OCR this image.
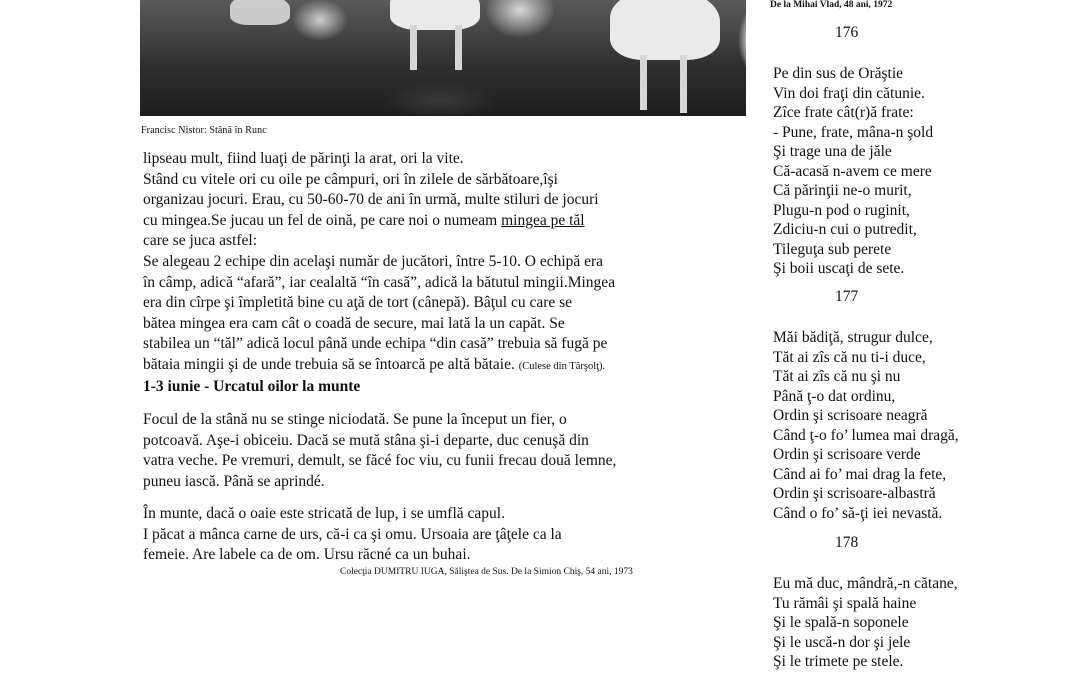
Francisc Nistor: Stână în Runc
De la Mihai Vlad, 48 ani, 1972
lipseau mult, fiind luaţi de părinţi la arat, ori la vite.
Stând cu vitele ori cu oile pe câmpuri, ori în zilele de sărbătoare,îşi
organizau jocuri. Erau, cu 50-60-70 de ani în urmă, multe stiluri de jocuri
cu mingea.Se jucau un fel de oină, pe care noi o numeam mingea pe tăl
care se juca astfel:
Se alegeau 2 echipe din acelaşi număr de jucători, între 5-10. O echipă era
în câmp, adică “afară”, iar cealaltă “în casă”, adică la bătutul mingii.Mingea
era din cîrpe şi împletită bine cu aţă de tort (cânepă). Bâţul cu care se
bătea mingea era cam cât o coadă de secure, mai lată la un capăt. Se
stabilea un “tăl” adică locul până unde echipa “din casă” trebuia să fugă pe
bătaia mingii şi de unde trebuia să se întoarcă pe altă bătaie. (Culese din Tărşolţ).
1-3 iunie - Urcatul oilor la munte
Focul de la stână nu se stinge niciodată. Se pune la început un fier, o
potcoavă. Aşe-i obiceiu. Dacă se mută stâna şi-i departe, duc cenuşă din
vatra veche. Pe vremuri, demult, se făcé foc viu, cu funii frecau două lemne,
puneu iască. Până se aprindé.
În munte, dacă o oaie este stricată de lup, i se umflă capul.
I păcat a mânca carne de urs, că-i ca şi omu. Ursoaia are ţâţele ca la
femeie. Are labele ca de om. Ursu răcné ca un buhai.
Colecţia DUMITRU IUGA, Săliştea de Sus. De la Simion Chiş, 54 ani, 1973
176
Pe din sus de Orăştie
Vin doi fraţi din cătunie.
Zîce frate cât(r)ă frate:
- Pune, frate, mâna-n şold
Şi trage una de jăle
Că-acasă n-avem ce mere
Că părinţii ne-o murit,
Plugu-n pod o ruginit,
Zdiciu-n cui o putredit,
Tileguţa sub perete
Şi boii uscaţi de sete.
177
Măi bădiţă, strugur dulce,
Tăt ai zîs că nu ti-i duce,
Tăt ai zîs că nu şi nu
Până ţ-o dat ordinu,
Ordin şi scrisoare neagră
Când ţ-o fo’ lumea mai dragă,
Ordin şi scrisoare verde
Când ai fo’ mai drag la fete,
Ordin şi scrisoare-albastră
Când o fo’ să-ţi iei nevastă.
178
Eu mă duc, mândră,-n cătane,
Tu rămâi şi spală haine
Şi le spală-n soponele
Şi le uscă-n dor şi jele
Şi le trimete pe stele.
